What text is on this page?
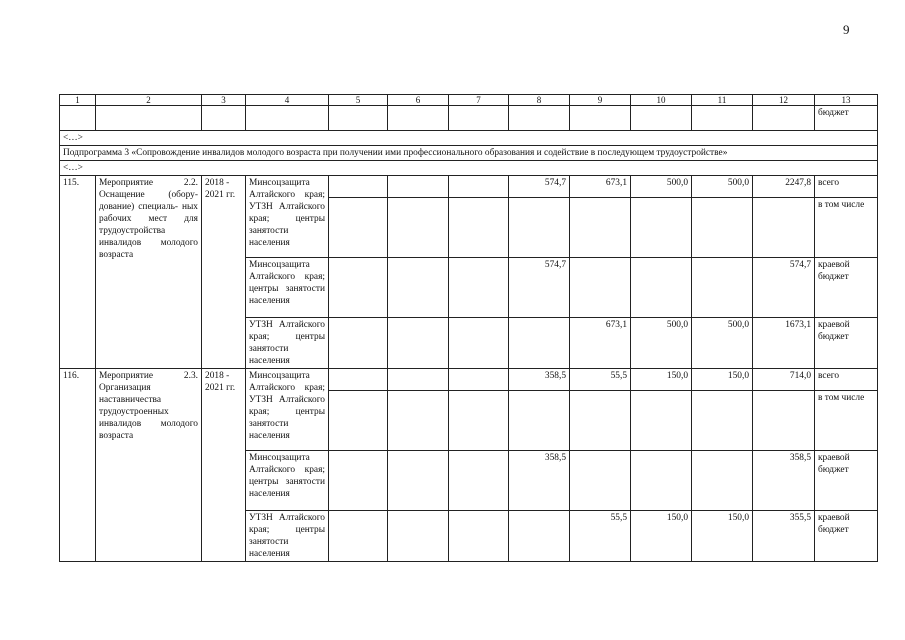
9
1	2	3	4	5	6	7	8	9	10	11	12	13
												бюджет
<…>												
Подпрограмма 3 «Сопровождение инвалидов молодого возраста при получении ими профессионального образования и содействие в последующем трудоустройстве»												
<…>												
115.	Мероприятие 2.2. Оснащение (обору- дование) специаль- ных рабочих мест для трудоустройства инвалидов молодого возраста	2018 - 2021 гг.	Минсоцзащита Алтайского края; УТЗН Алтайского края; центры занятости населения				574,7	673,1	500,0	500,0	2247,8	всего
												в том числе
			Минсоцзащита Алтайского края; центры занятости населения				574,7				574,7	краевой бюджет
			УТЗН Алтайского края; центры занятости населения					673,1	500,0	500,0	1673,1	краевой бюджет
116.	Мероприятие 2.3. Организация наставничества трудоустроенных инвалидов молодого возраста	2018 - 2021 гг.	Минсоцзащита Алтайского края; УТЗН Алтайского края; центры занятости населения				358,5	55,5	150,0	150,0	714,0	всего
												в том числе
			Минсоцзащита Алтайского края; центры занятости населения				358,5				358,5	краевой бюджет
			УТЗН Алтайского края; центры занятости населения					55,5	150,0	150,0	355,5	краевой бюджет
